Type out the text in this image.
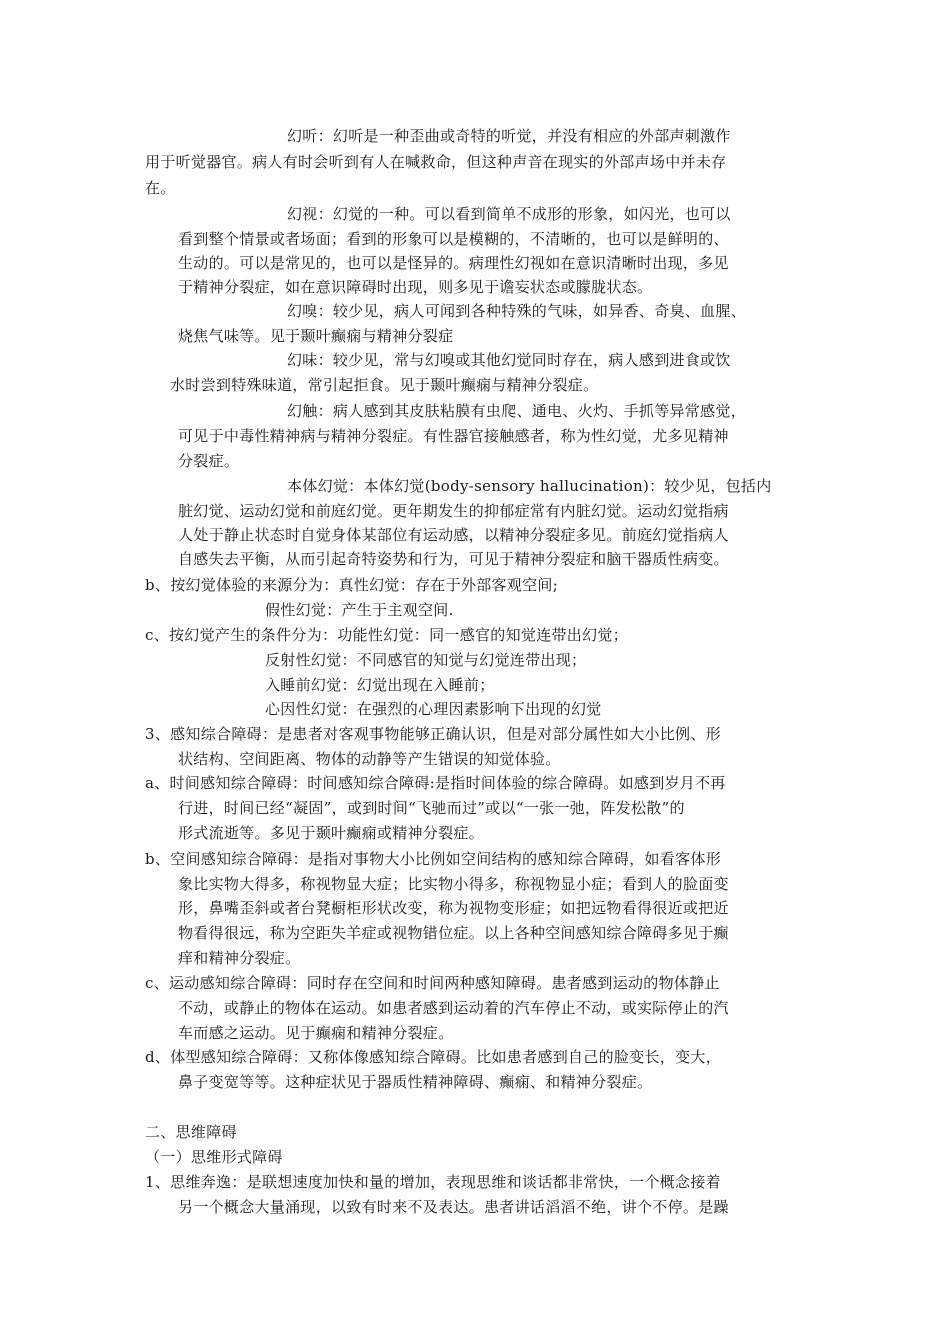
幻听：幻听是一种歪曲或奇特的听觉，并没有相应的外部声刺激作
用于听觉器官。病人有时会听到有人在喊救命，但这种声音在现实的外部声场中并未存
在。
幻视：幻觉的一种。可以看到简单不成形的形象，如闪光，也可以
看到整个情景或者场面；看到的形象可以是模糊的，不清晰的，也可以是鲜明的、
生动的。可以是常见的，也可以是怪异的。病理性幻视如在意识清晰时出现，多见
于精神分裂症，如在意识障碍时出现，则多见于谵妄状态或朦胧状态。
幻嗅：较少见，病人可闻到各种特殊的气味，如异香、奇臭、血腥、
烧焦气味等。见于颞叶癫痫与精神分裂症
幻味：较少见，常与幻嗅或其他幻觉同时存在，病人感到进食或饮
水时尝到特殊味道，常引起拒食。见于颞叶癫痫与精神分裂症。
幻触：病人感到其皮肤粘膜有虫爬、通电、火灼、手抓等异常感觉，
可见于中毒性精神病与精神分裂症。有性器官接触感者，称为性幻觉，尤多见精神
分裂症。
本体幻觉：本体幻觉(body-sensory hallucination)：较少见，包括内
脏幻觉、运动幻觉和前庭幻觉。更年期发生的抑郁症常有内脏幻觉。运动幻觉指病
人处于静止状态时自觉身体某部位有运动感，以精神分裂症多见。前庭幻觉指病人
自感失去平衡，从而引起奇特姿势和行为，可见于精神分裂症和脑干器质性病变。
b、按幻觉体验的来源分为：真性幻觉：存在于外部客观空间;
假性幻觉：产生于主观空间.
c、按幻觉产生的条件分为：功能性幻觉：同一感官的知觉连带出幻觉；
反射性幻觉：不同感官的知觉与幻觉连带出现；
入睡前幻觉：幻觉出现在入睡前；
心因性幻觉：在强烈的心理因素影响下出现的幻觉
3、感知综合障碍：是患者对客观事物能够正确认识，但是对部分属性如大小比例、形
状结构、空间距离、物体的动静等产生错误的知觉体验。
a、时间感知综合障碍：时间感知综合障碍:是指时间体验的综合障碍。如感到岁月不再
行进，时间已经“凝固”，或到时间“飞驰而过”或以“一张一弛，阵发松散”的
形式流逝等。多见于颞叶癫痫或精神分裂症。
b、空间感知综合障碍：是指对事物大小比例如空间结构的感知综合障碍，如看客体形
象比实物大得多，称视物显大症；比实物小得多，称视物显小症；看到人的脸面变
形，鼻嘴歪斜或者台凳橱柜形状改变，称为视物变形症；如把远物看得很近或把近
物看得很远，称为空距失羊症或视物错位症。以上各种空间感知综合障碍多见于癫
痒和精神分裂症。
c、运动感知综合障碍：同时存在空间和时间两种感知障碍。患者感到运动的物体静止
不动，或静止的物体在运动。如患者感到运动着的汽车停止不动，或实际停止的汽
车而感之运动。见于癫痫和精神分裂症。
d、体型感知综合障碍：又称体像感知综合障碍。比如患者感到自己的脸变长，变大，
鼻子变宽等等。这种症状见于器质性精神障碍、癫痫、和精神分裂症。
二、思维障碍
（一）思维形式障碍
1、思维奔逸：是联想速度加快和量的增加，表现思维和谈话都非常快，一个概念接着
另一个概念大量涌现，以致有时来不及表达。患者讲话滔滔不绝，讲个不停。是躁
